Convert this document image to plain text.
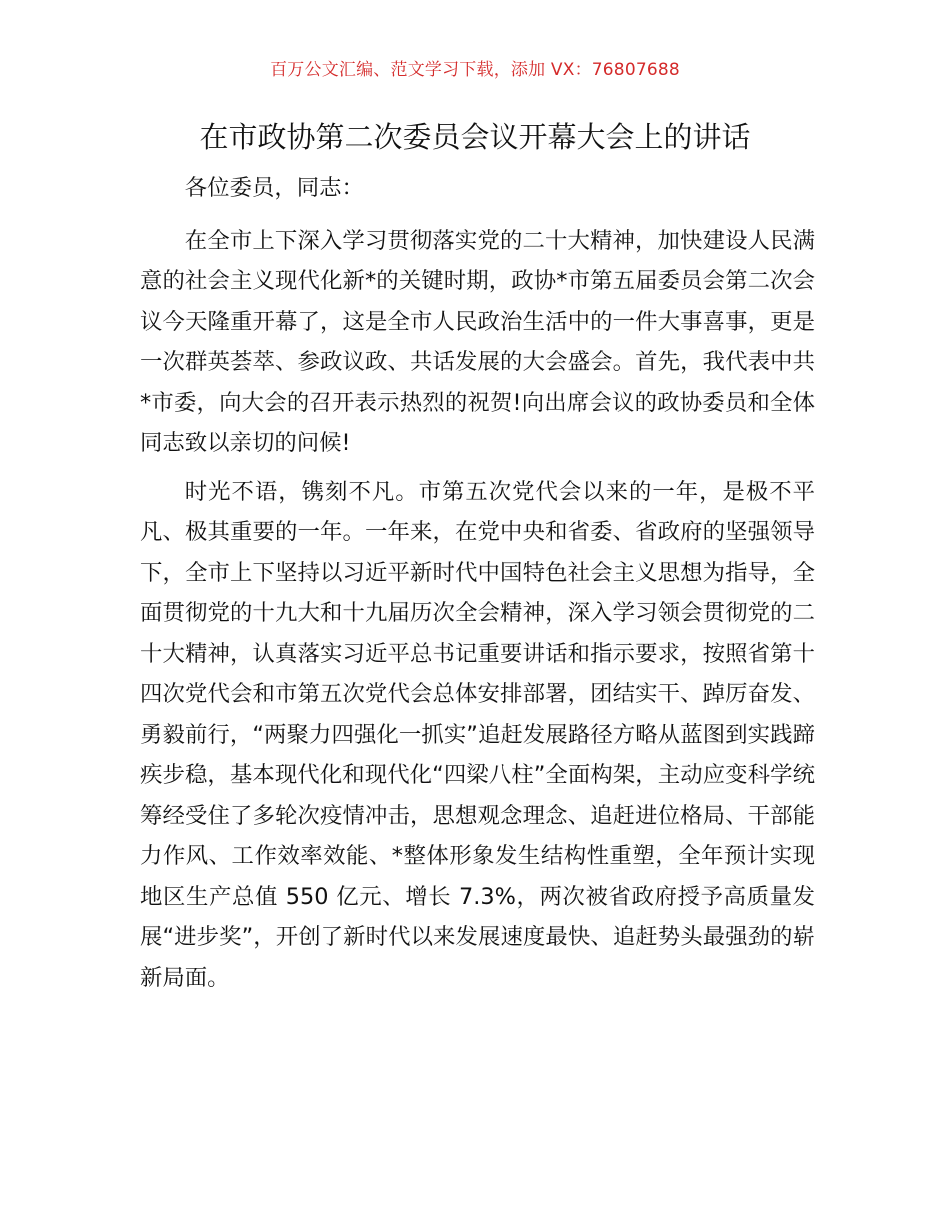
百万公文汇编、范文学习下载，添加 VX：76807688
在市政协第二次委员会议开幕大会上的讲话

各位委员，同志：

在全市上下深入学习贯彻落实党的二十大精神，加快建设人民满意的社会主义现代化新*的关键时期，政协*市第五届委员会第二次会议今天隆重开幕了，这是全市人民政治生活中的一件大事喜事，更是一次群英荟萃、参政议政、共话发展的大会盛会。首先，我代表中共*市委，向大会的召开表示热烈的祝贺!向出席会议的政协委员和全体同志致以亲切的问候!

时光不语，镌刻不凡。市第五次党代会以来的一年，是极不平凡、极其重要的一年。一年来，在党中央和省委、省政府的坚强领导下，全市上下坚持以习近平新时代中国特色社会主义思想为指导，全面贯彻党的十九大和十九届历次全会精神，深入学习领会贯彻党的二十大精神，认真落实习近平总书记重要讲话和指示要求，按照省第十四次党代会和市第五次党代会总体安排部署，团结实干、踔厉奋发、勇毅前行，“两聚力四强化一抓实”追赶发展路径方略从蓝图到实践蹄疾步稳，基本现代化和现代化“四梁八柱”全面构架，主动应变科学统筹经受住了多轮次疫情冲击，思想观念理念、追赶进位格局、干部能力作风、工作效率效能、*整体形象发生结构性重塑，全年预计实现地区生产总值 550 亿元、增长 7.3%，两次被省政府授予高质量发展“进步奖”，开创了新时代以来发展速度最快、追赶势头最强劲的崭新局面。
